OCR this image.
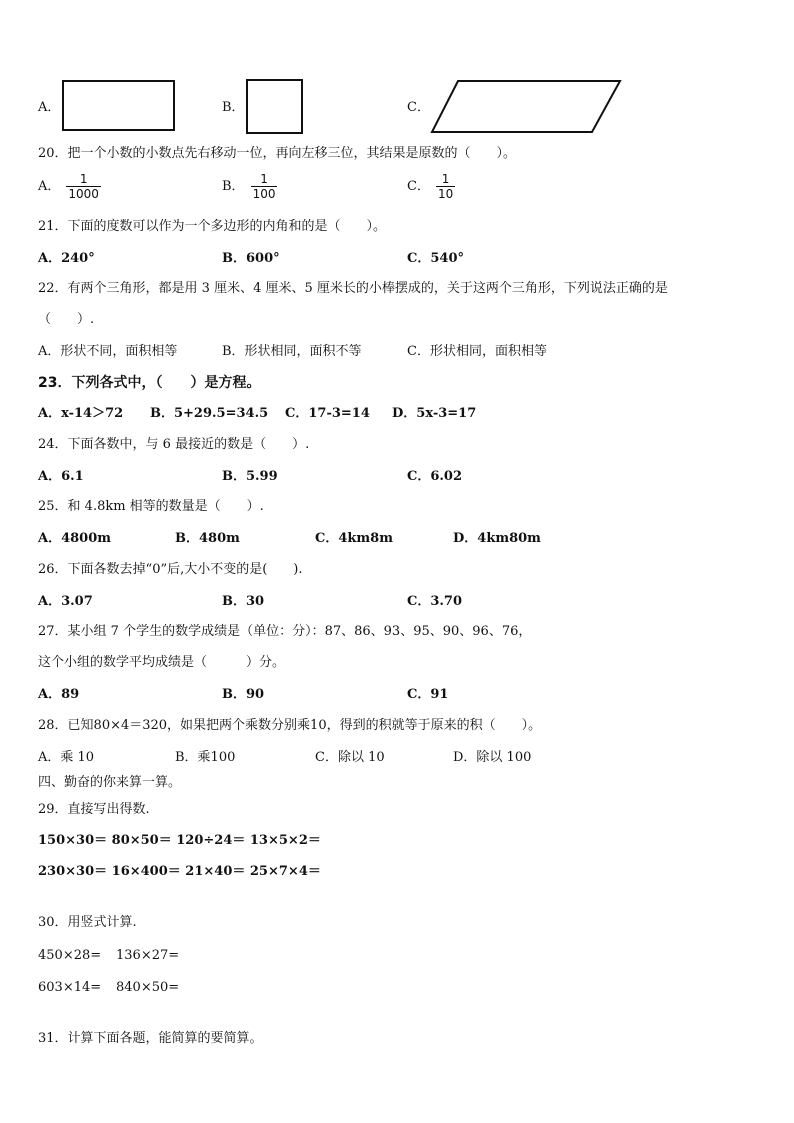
A．	B．	C．
20．把一个小数的小数点先右移动一位，再向左移三位，其结果是原数的（　　）。
A． $\frac{1}{1000}$	B． $\frac{1}{100}$	C． $\frac{1}{10}$
21．下面的度数可以作为一个多边形的内角和的是（　　）。
A．240°	B．600°	C．540°
22．有两个三角形，都是用 3 厘米、4 厘米、5 厘米长的小棒摆成的，关于这两个三角形，下列说法正确的是
（　　）.
A．形状不同，面积相等	B．形状相同，面积不等	C．形状相同，面积相等
23．下列各式中，（　　）是方程。
A．x-14＞72 B．5+29.5=34.5 C．17-3=14 D．5x-3=17
24．下面各数中，与 6 最接近的数是（　　）.
A．6.1	B．5.99	C．6.02
25．和 4.8km 相等的数量是（　　）.
A．4800m	B．480m	C．4km8m	D．4km80m
26．下面各数去掉“0”后,大小不变的是(　　).
A．3.07	B．30	C．3.70
27．某小组 7 个学生的数学成绩是（单位：分）：87、86、93、95、90、96、76，
这个小组的数学平均成绩是（　　　）分。
A．89	B．90	C．91
28．已知80×4＝320，如果把两个乘数分别乘10，得到的积就等于原来的积（　　）。
A．乘 10	B．乘100	C．除以 10	D．除以 100
四、勤奋的你来算一算。
29．直接写出得数.
150×30＝ 80×50＝ 120÷24＝ 13×5×2＝
230×30＝ 16×400＝ 21×40＝ 25×7×4＝
30．用竖式计算.
450×28= 136×27=
603×14= 840×50=
31．计算下面各题，能简算的要简算。
